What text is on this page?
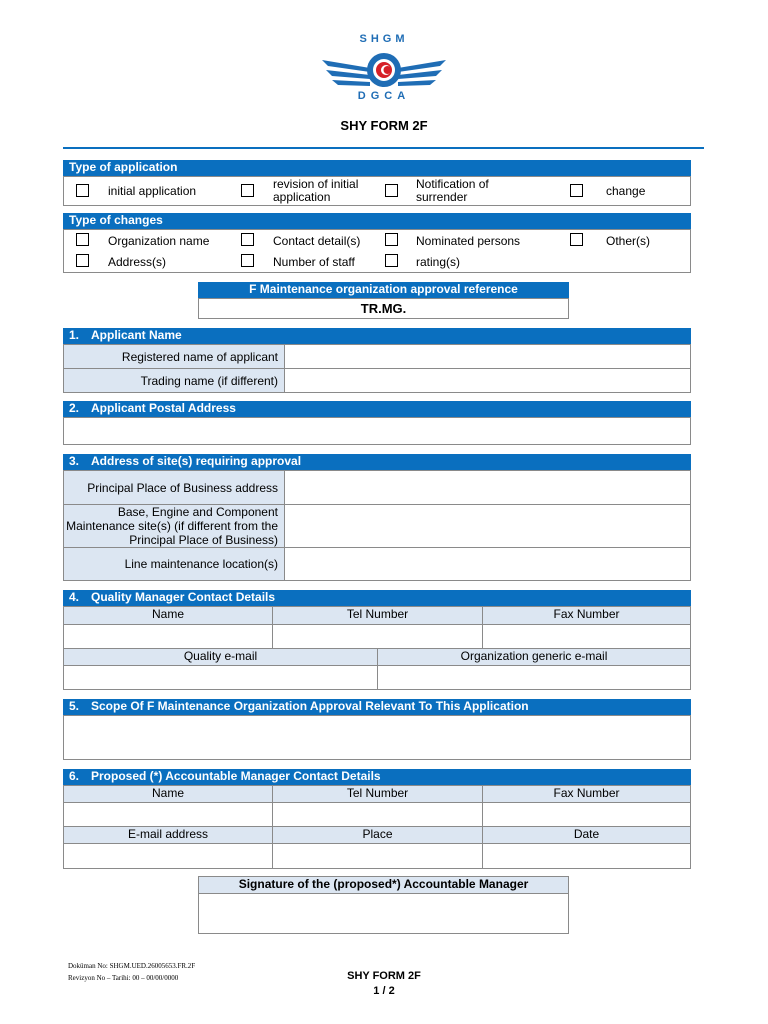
SHGM
DGCA
SHY FORM 2F
Type of application
initial application	revision of initial application
Notification of surrender	change
Type of changes
Organization name	Contact detail(s)	Nominated persons	Other(s)
Address(s)	Number of staff	rating(s)
F Maintenance organization approval reference
TR.MG.
1. Applicant Name
Registered name of applicant
Trading name (if different)
2. Applicant Postal Address
3. Address of site(s) requiring approval
Principal Place of Business address
Base, Engine and Component Maintenance site(s) (if different from the Principal Place of Business)
Line maintenance location(s)
4. Quality Manager Contact Details
Name	Tel Number	Fax Number
Quality e-mail	Organization generic e-mail
5. Scope Of F Maintenance Organization Approval Relevant To This Application
6. Proposed (*) Accountable Manager Contact Details
Name	Tel Number	Fax Number
E-mail address	Place	Date
Signature of the (proposed*) Accountable Manager
Doküman No: SHGM.UED.26005653.FR.2F
Revizyon No – Tarihi: 00 – 00/00/0000	SHY FORM 2F
1 / 2
